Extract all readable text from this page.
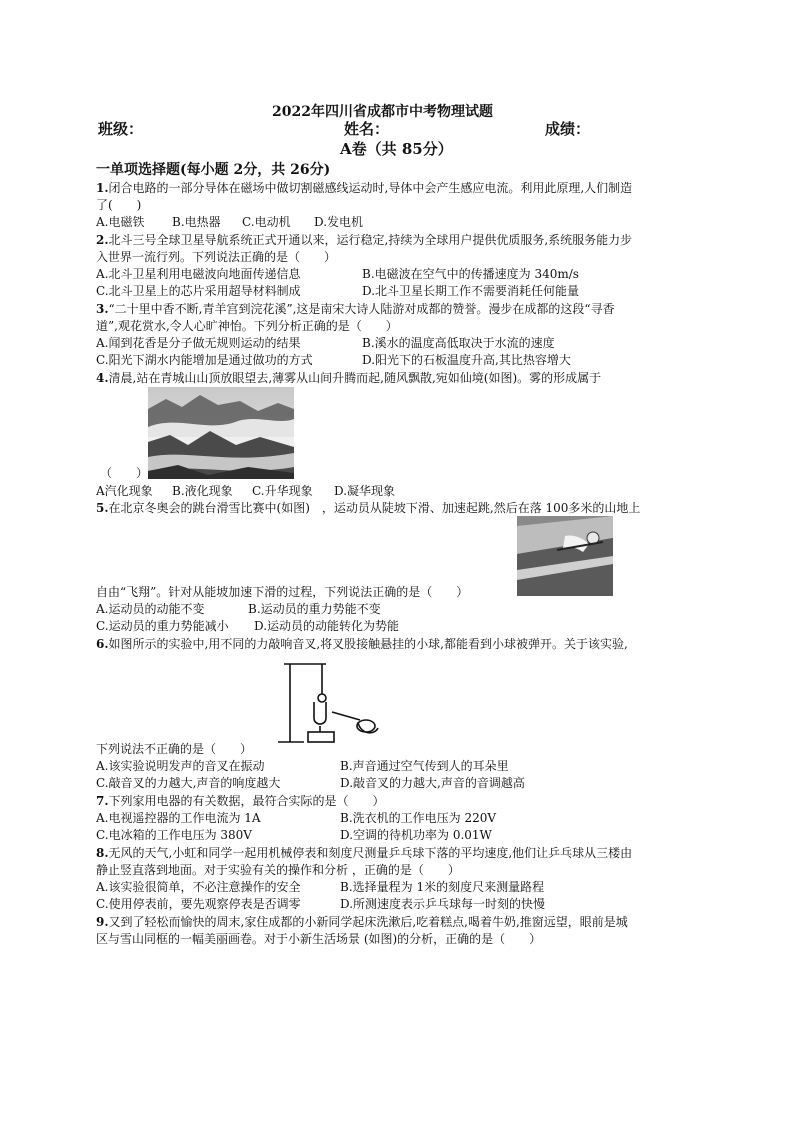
2022年四川省成都市中考物理试题
班级：	姓名：	成绩：
A卷（共 85分）
一单项选择题(每小题 2分，共 26分)
1.闭合电路的一部分导体在磁场中做切割磁感线运动时,导体中会产生感应电流。利用此原理,人们制造
了(　　)
A.电磁铁 B.电热器 C.电动机 D.发电机
2.北斗三号全球卫星导航系统正式开通以来，运行稳定,持续为全球用户提供优质服务,系统服务能力步
入世界一流行列。下列说法正确的是（　　）
A.北斗卫星利用电磁波向地面传递信息	B.电磁波在空气中的传播速度为 340m/s
C.北斗卫星上的芯片采用超导材料制成	D.北斗卫星长期工作不需要消耗任何能量
3.“二十里中香不断,青羊宫到浣花溪”,这是南宋大诗人陆游对成都的赞誉。漫步在成都的这段“寻香
道”,观花赏水,令人心旷神怡。下列分析正确的是（　　）
A.闻到花香是分子做无规则运动的结果	B.溪水的温度高低取决于水流的速度
C.阳光下湖水内能增加是通过做功的方式	D.阳光下的石板温度升高,其比热容增大
4.清晨,站在青城山山顶放眼望去,薄雾从山间升腾而起,随风飘散,宛如仙境(如图)。雾的形成属于
（　　）
A汽化现象 B.液化现象 C.升华现象 D.凝华现象
5.在北京冬奥会的跳台滑雪比赛中(如图)　，运动员从陡坡下滑、加速起跳,然后在落 100多米的山地上
自由“飞翔”。针对从能坡加速下滑的过程，下列说法正确的是（　　）
A.运动员的动能不变	B.运动员的重力势能不变
C.运动员的重力势能减小 D.运动员的动能转化为势能
6.如图所示的实验中,用不同的力敲响音叉,将叉股接触悬挂的小球,都能看到小球被弹开。关于该实验,
下列说法不正确的是（　　）
A.该实验说明发声的音叉在振动	B.声音通过空气传到人的耳朵里
C.敲音叉的力越大,声音的响度越大	D.敲音叉的力越大,声音的音调越高
7.下列家用电器的有关数据，最符合实际的是（　　）
A.电视遥控器的工作电流为 1A	B.洗衣机的工作电压为 220V
C.电冰箱的工作电压为 380V	D.空调的待机功率为 0.01W
8.无风的天气,小虹和同学一起用机械停表和刻度尺测量乒乓球下落的平均速度,他们让乒乓球从三楼由
静止竖直落到地面。对于实验有关的操作和分析 ，正确的是（　　）
A.该实验很简单，不必注意操作的安全	B.选择量程为 1米的刻度尺来测量路程
C.使用停表前，要先观察停表是否调零	D.所测速度表示乒乓球每一时刻的快慢
9.又到了轻松而愉快的周末,家住成都的小新同学起床洗漱后,吃着糕点,喝着牛奶,推窗远望，眼前是城
区与雪山同框的一幅美丽画卷。对于小新生活场景 (如图)的分析，正确的是（　　）
